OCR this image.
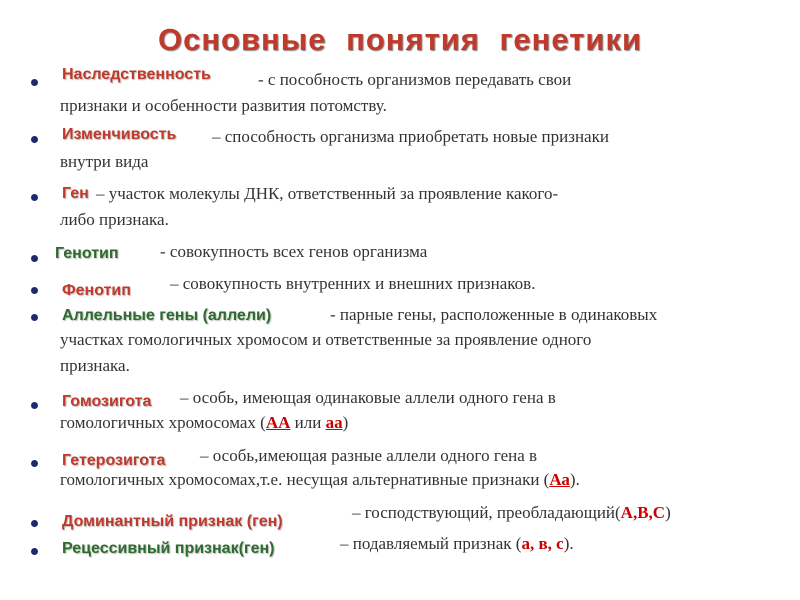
Основные понятия генетики
Наследственность	- с пособность организмов передавать свои
признаки и особенности развития потомству.
Изменчивость – способность организма приобретать новые признаки
внутри вида
Ген – участок молекулы ДНК, ответственный за проявление какого-
либо признака.
Генотип - совокупность всех генов организма
Фенотип – совокупность внутренних и внешних признаков.
Аллельные гены (аллели)	- парные гены, расположенные в одинаковых
участках гомологичных хромосом и ответственные за проявление одного
признака.
Гомозигота – особь, имеющая одинаковые аллели одного гена в
гомологичных хромосомах (АА или аа)
Гетерозигота – особь,имеющая разные аллели одного гена в
гомологичных хромосомах,т.е. несущая альтернативные признаки (Аа).
Доминантный признак (ген)	– господствующий, преобладающий(А,В,С)
Рецессивный признак(ген)	– подавляемый признак (а, в, с).
